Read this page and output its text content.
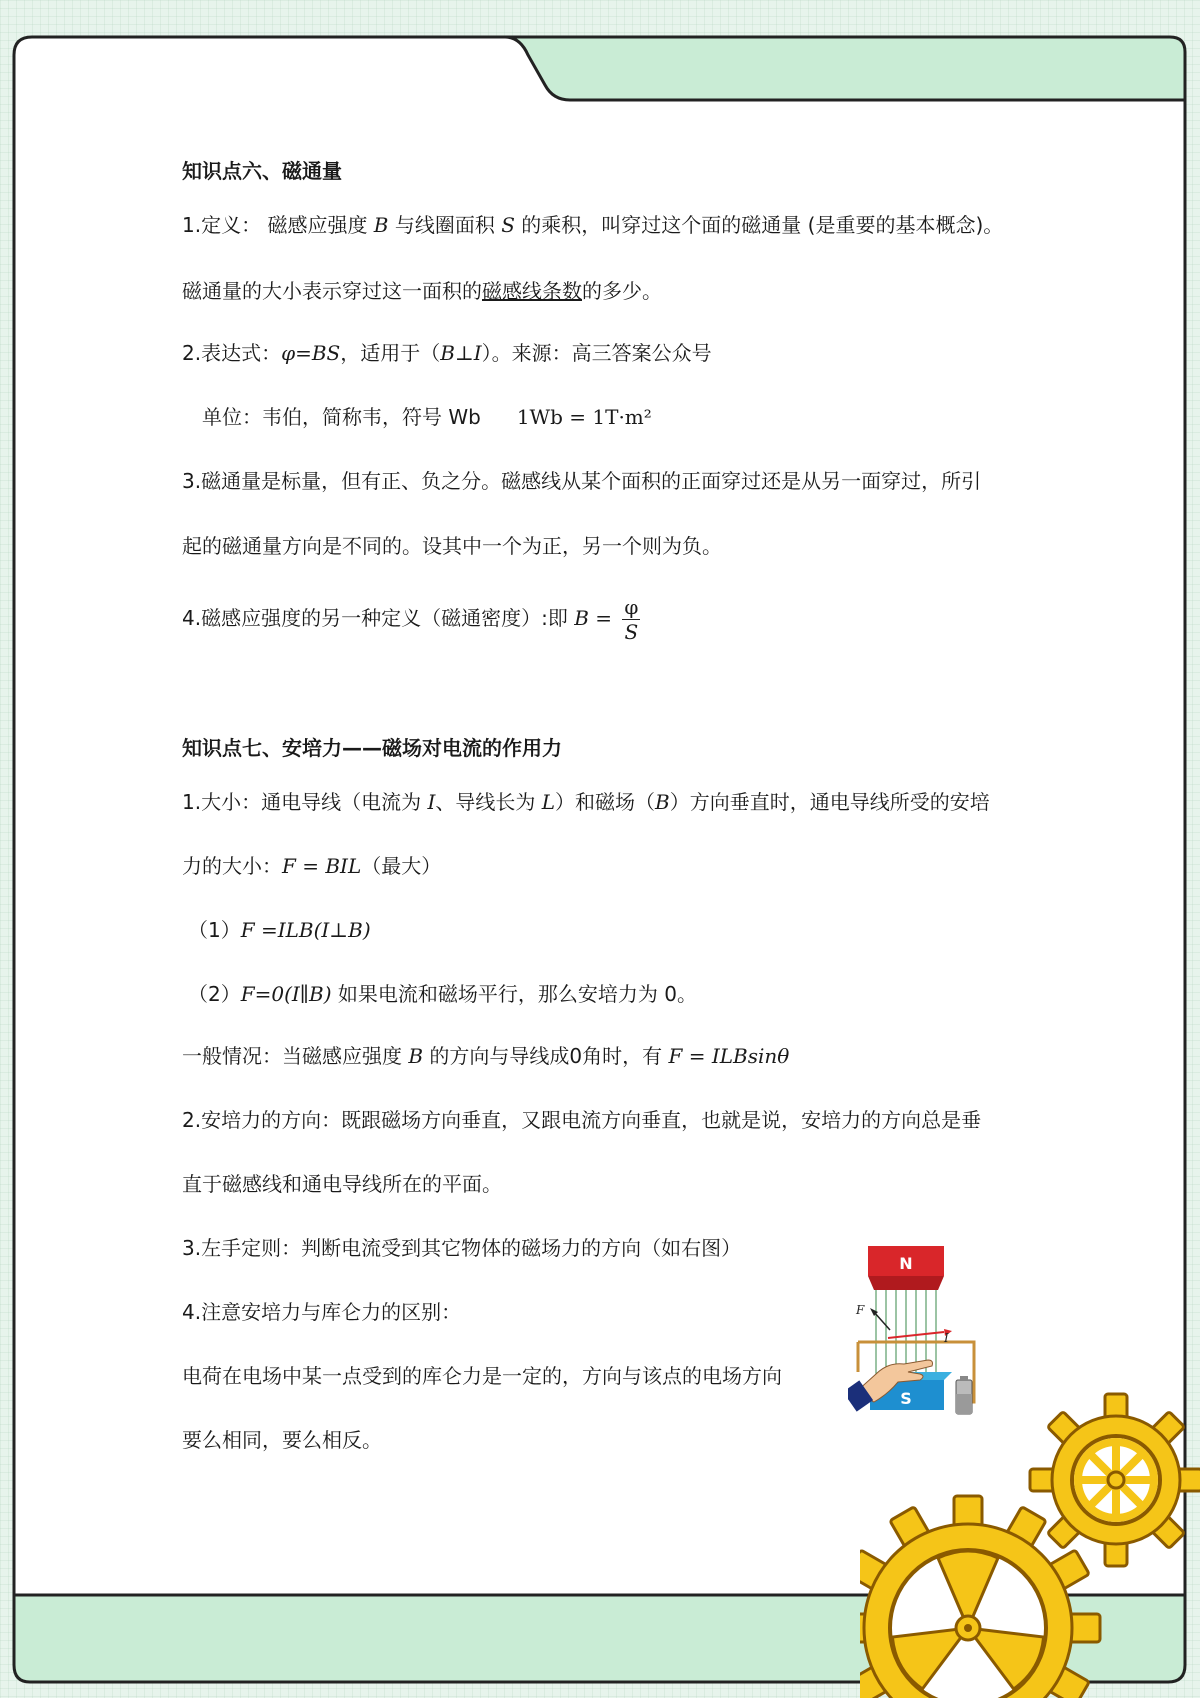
知识点六、磁通量
1.定义： 磁感应强度 B 与线圈面积 S 的乘积，叫穿过这个面的磁通量 (是重要的基本概念)。
磁通量的大小表示穿过这一面积的磁感线条数的多少。
2.表达式：φ=BS，适用于（B⊥I）。来源：高三答案公众号
单位：韦伯，简称韦，符号 Wb 1Wb = 1T·m²
3.磁通量是标量，但有正、负之分。磁感线从某个面积的正面穿过还是从另一面穿过，所引
起的磁通量方向是不同的。设其中一个为正，另一个则为负。
4.磁感应强度的另一种定义（磁通密度）:即 $B = \frac{\varphi}{S}$
知识点七、安培力——磁场对电流的作用力
1.大小：通电导线（电流为 I、导线长为 L）和磁场（B）方向垂直时，通电导线所受的安培
力的大小：F = BIL（最大）
（1）F =ILB(I⊥B)
（2）F=0(I∥B) 如果电流和磁场平行，那么安培力为 0。
一般情况：当磁感应强度 B 的方向与导线成0角时，有 F = ILBsinθ
2.安培力的方向：既跟磁场方向垂直，又跟电流方向垂直，也就是说，安培力的方向总是垂
直于磁感线和通电导线所在的平面。
3.左手定则：判断电流受到其它物体的磁场力的方向（如右图）
4.注意安培力与库仑力的区别：
电荷在电场中某一点受到的库仑力是一定的，方向与该点的电场方向
要么相同，要么相反。
N
I
F
S
